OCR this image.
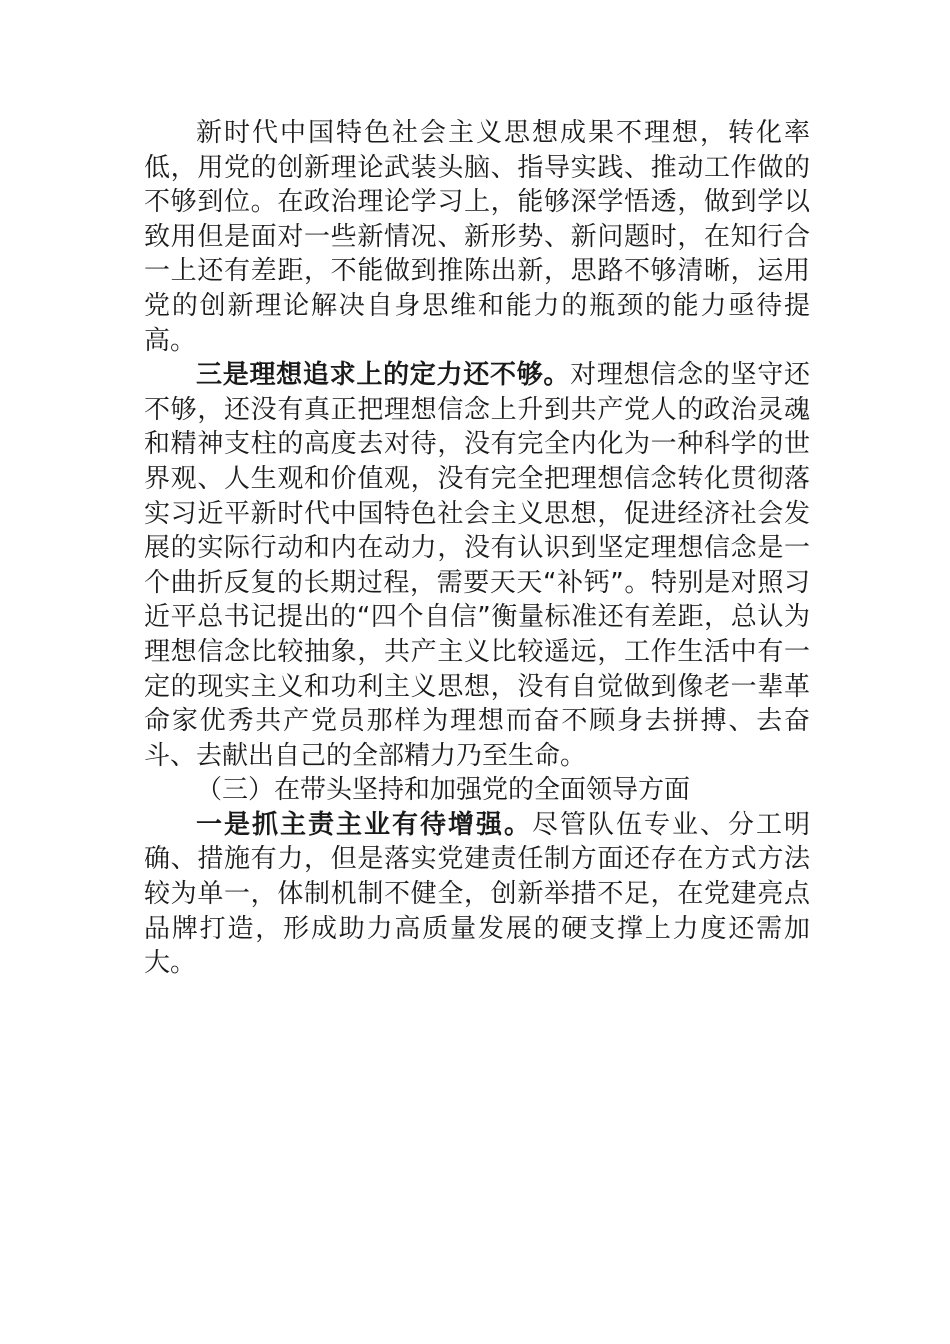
新时代中国特色社会主义思想成果不理想，转化率低，用党的创新理论武装头脑、指导实践、推动工作做的不够到位。在政治理论学习上，能够深学悟透，做到学以致用但是面对一些新情况、新形势、新问题时，在知行合一上还有差距，不能做到推陈出新，思路不够清晰，运用党的创新理论解决自身思维和能力的瓶颈的能力亟待提高。

三是理想追求上的定力还不够。对理想信念的坚守还不够，还没有真正把理想信念上升到共产党人的政治灵魂和精神支柱的高度去对待，没有完全内化为一种科学的世界观、人生观和价值观，没有完全把理想信念转化贯彻落实习近平新时代中国特色社会主义思想，促进经济社会发展的实际行动和内在动力，没有认识到坚定理想信念是一个曲折反复的长期过程，需要天天“补钙”。特别是对照习近平总书记提出的“四个自信”衡量标准还有差距，总认为理想信念比较抽象，共产主义比较遥远，工作生活中有一定的现实主义和功利主义思想，没有自觉做到像老一辈革命家优秀共产党员那样为理想而奋不顾身去拼搏、去奋斗、去献出自己的全部精力乃至生命。

（三）在带头坚持和加强党的全面领导方面

一是抓主责主业有待增强。尽管队伍专业、分工明确、措施有力，但是落实党建责任制方面还存在方式方法较为单一，体制机制不健全，创新举措不足，在党建亮点品牌打造，形成助力高质量发展的硬支撑上力度还需加大。
